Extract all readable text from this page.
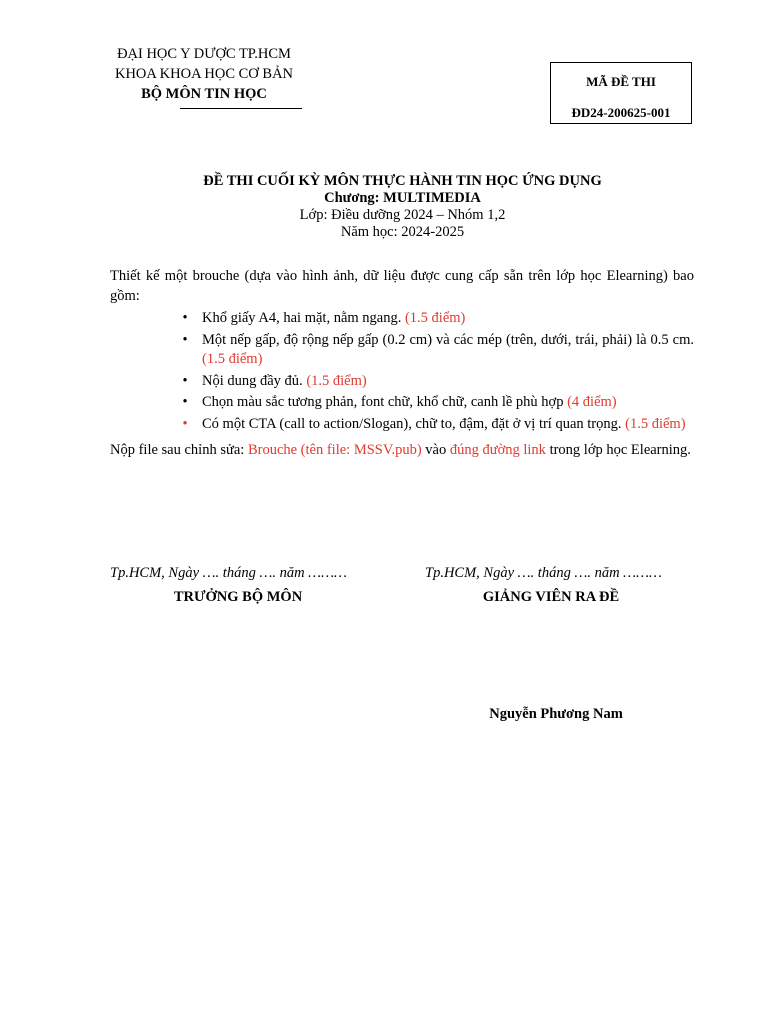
ĐẠI HỌC Y DƯỢC TP.HCM
KHOA KHOA HỌC CƠ BẢN
BỘ MÔN TIN HỌC
MÃ ĐỀ THI
ĐD24-200625-001
ĐỀ THI CUỐI KỲ MÔN THỰC HÀNH TIN HỌC ỨNG DỤNG
Chương: MULTIMEDIA
Lớp: Điều dưỡng 2024 – Nhóm 1,2
Năm học: 2024-2025

Thiết kế một brouche (dựa vào hình ảnh, dữ liệu được cung cấp sẵn trên lớp học Elearning) bao gồm:

• Khổ giấy A4, hai mặt, nằm ngang. (1.5 điểm)
• Một nếp gấp, độ rộng nếp gấp (0.2 cm) và các mép (trên, dưới, trái, phải) là 0.5 cm. (1.5 điểm)
• Nội dung đầy đủ. (1.5 điểm)
• Chọn màu sắc tương phản, font chữ, khổ chữ, canh lề phù hợp (4 điểm)
• Có một CTA (call to action/Slogan), chữ to, đậm, đặt ở vị trí quan trọng. (1.5 điểm)

Nộp file sau chỉnh sửa: Brouche (tên file: MSSV.pub) vào đúng đường link trong lớp học Elearning.

Tp.HCM, Ngày …. tháng …. năm ………	Tp.HCM, Ngày …. tháng …. năm ………
TRƯỞNG BỘ MÔN	GIẢNG VIÊN RA ĐỀ
Nguyễn Phương Nam
